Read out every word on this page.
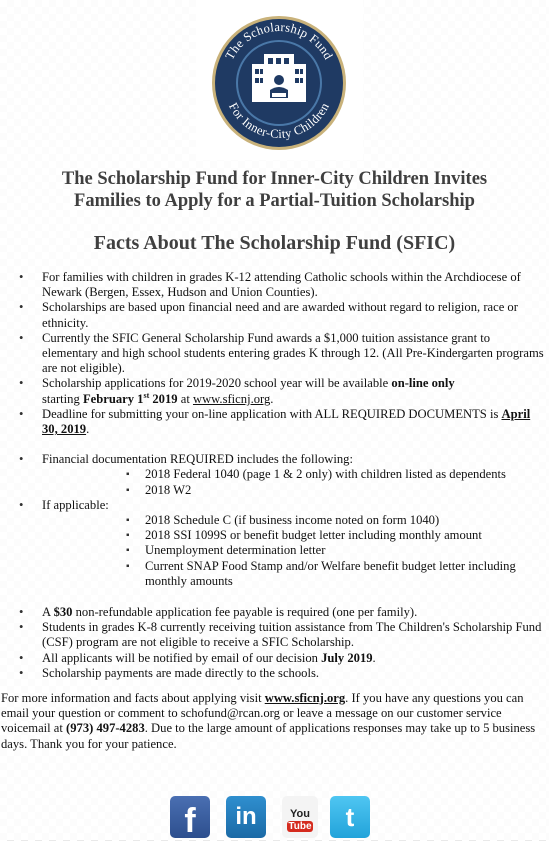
The Scholarship Fund
For Inner-City Children
The Scholarship Fund for Inner-City Children Invites
Families to Apply for a Partial-Tuition Scholarship
Facts About The Scholarship Fund (SFIC)
• For families with children in grades K-12 attending Catholic schools within the Archdiocese of Newark (Bergen, Essex, Hudson and Union Counties).
• Scholarships are based upon financial need and are awarded without regard to religion, race or ethnicity.
• Currently the SFIC General Scholarship Fund awards a $1,000 tuition assistance grant to elementary and high school students entering grades K through 12. (All Pre-Kindergarten programs are not eligible).
• Scholarship applications for 2019-2020 school year will be available on-line only
starting February 1st 2019 at www.sficnj.org.
• Deadline for submitting your on-line application with ALL REQUIRED DOCUMENTS is April 30, 2019.
• Financial documentation REQUIRED includes the following:
▪ 2018 Federal 1040 (page 1 & 2 only) with children listed as dependents
▪ 2018 W2
• If applicable:
▪ 2018 Schedule C (if business income noted on form 1040)
▪ 2018 SSI 1099S or benefit budget letter including monthly amount
▪ Unemployment determination letter
▪ Current SNAP Food Stamp and/or Welfare benefit budget letter including monthly amounts
• A $30 non-refundable application fee payable is required (one per family).
• Students in grades K-8 currently receiving tuition assistance from The Children's Scholarship Fund (CSF) program are not eligible to receive a SFIC Scholarship.
• All applicants will be notified by email of our decision July 2019.
• Scholarship payments are made directly to the schools.
For more information and facts about applying visit www.sficnj.org. If you have any questions you can email your question or comment to schofund@rcan.org or leave a message on our customer service voicemail at (973) 497-4283. Due to the large amount of applications responses may take up to 5 business days. Thank you for your patience.
f	in	You
Tube	t
